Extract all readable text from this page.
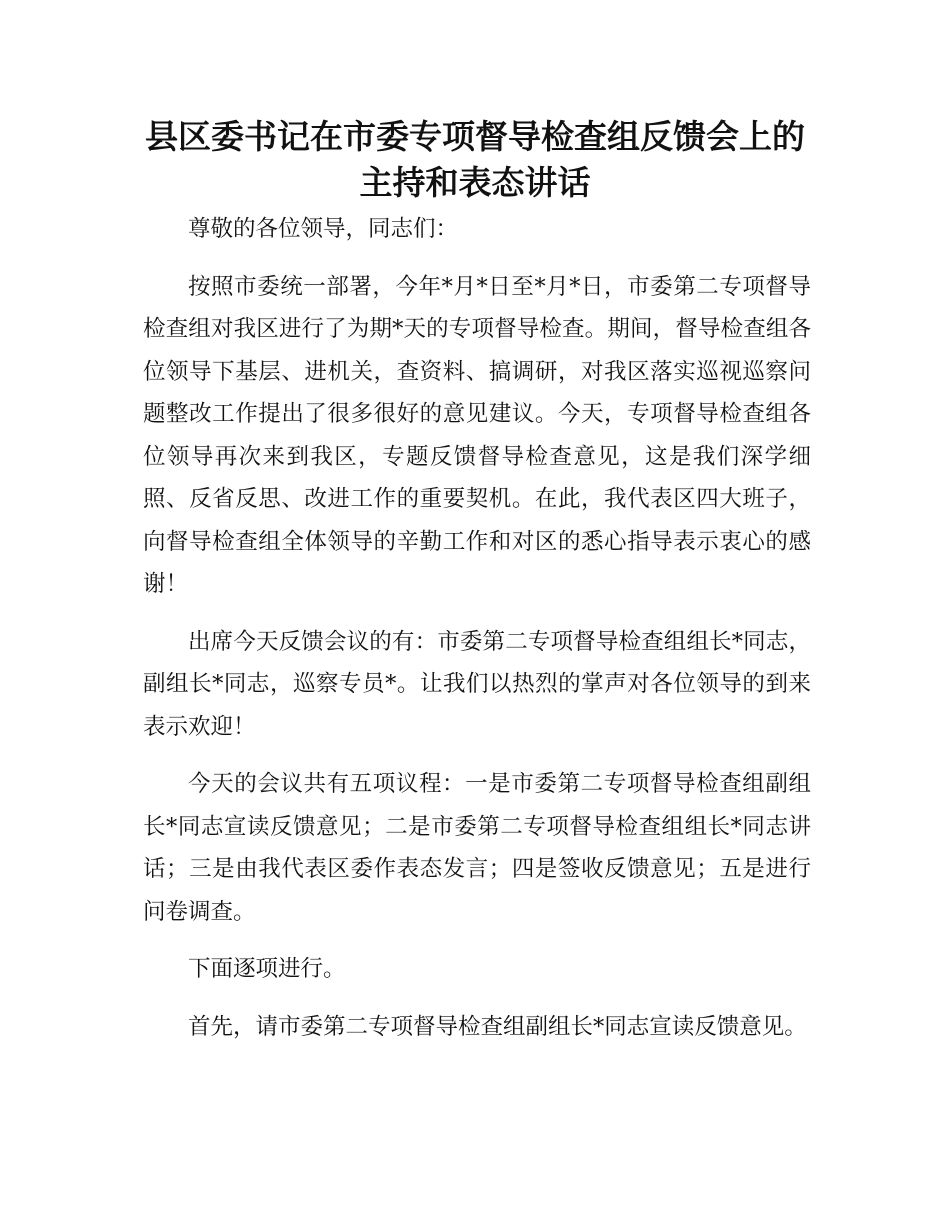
县区委书记在市委专项督导检查组反馈会上的
主持和表态讲话

尊敬的各位领导，同志们：

按照市委统一部署，今年*月*日至*月*日，市委第二专项督导检查组对我区进行了为期*天的专项督导检查。期间，督导检查组各位领导下基层、进机关，查资料、搞调研，对我区落实巡视巡察问题整改工作提出了很多很好的意见建议。今天，专项督导检查组各位领导再次来到我区，专题反馈督导检查意见，这是我们深学细照、反省反思、改进工作的重要契机。在此，我代表区四大班子，向督导检查组全体领导的辛勤工作和对区的悉心指导表示衷心的感谢！

出席今天反馈会议的有：市委第二专项督导检查组组长*同志，副组长*同志，巡察专员*。让我们以热烈的掌声对各位领导的到来表示欢迎！

今天的会议共有五项议程：一是市委第二专项督导检查组副组长*同志宣读反馈意见；二是市委第二专项督导检查组组长*同志讲话；三是由我代表区委作表态发言；四是签收反馈意见；五是进行问卷调查。

下面逐项进行。

首先，请市委第二专项督导检查组副组长*同志宣读反馈意见。
